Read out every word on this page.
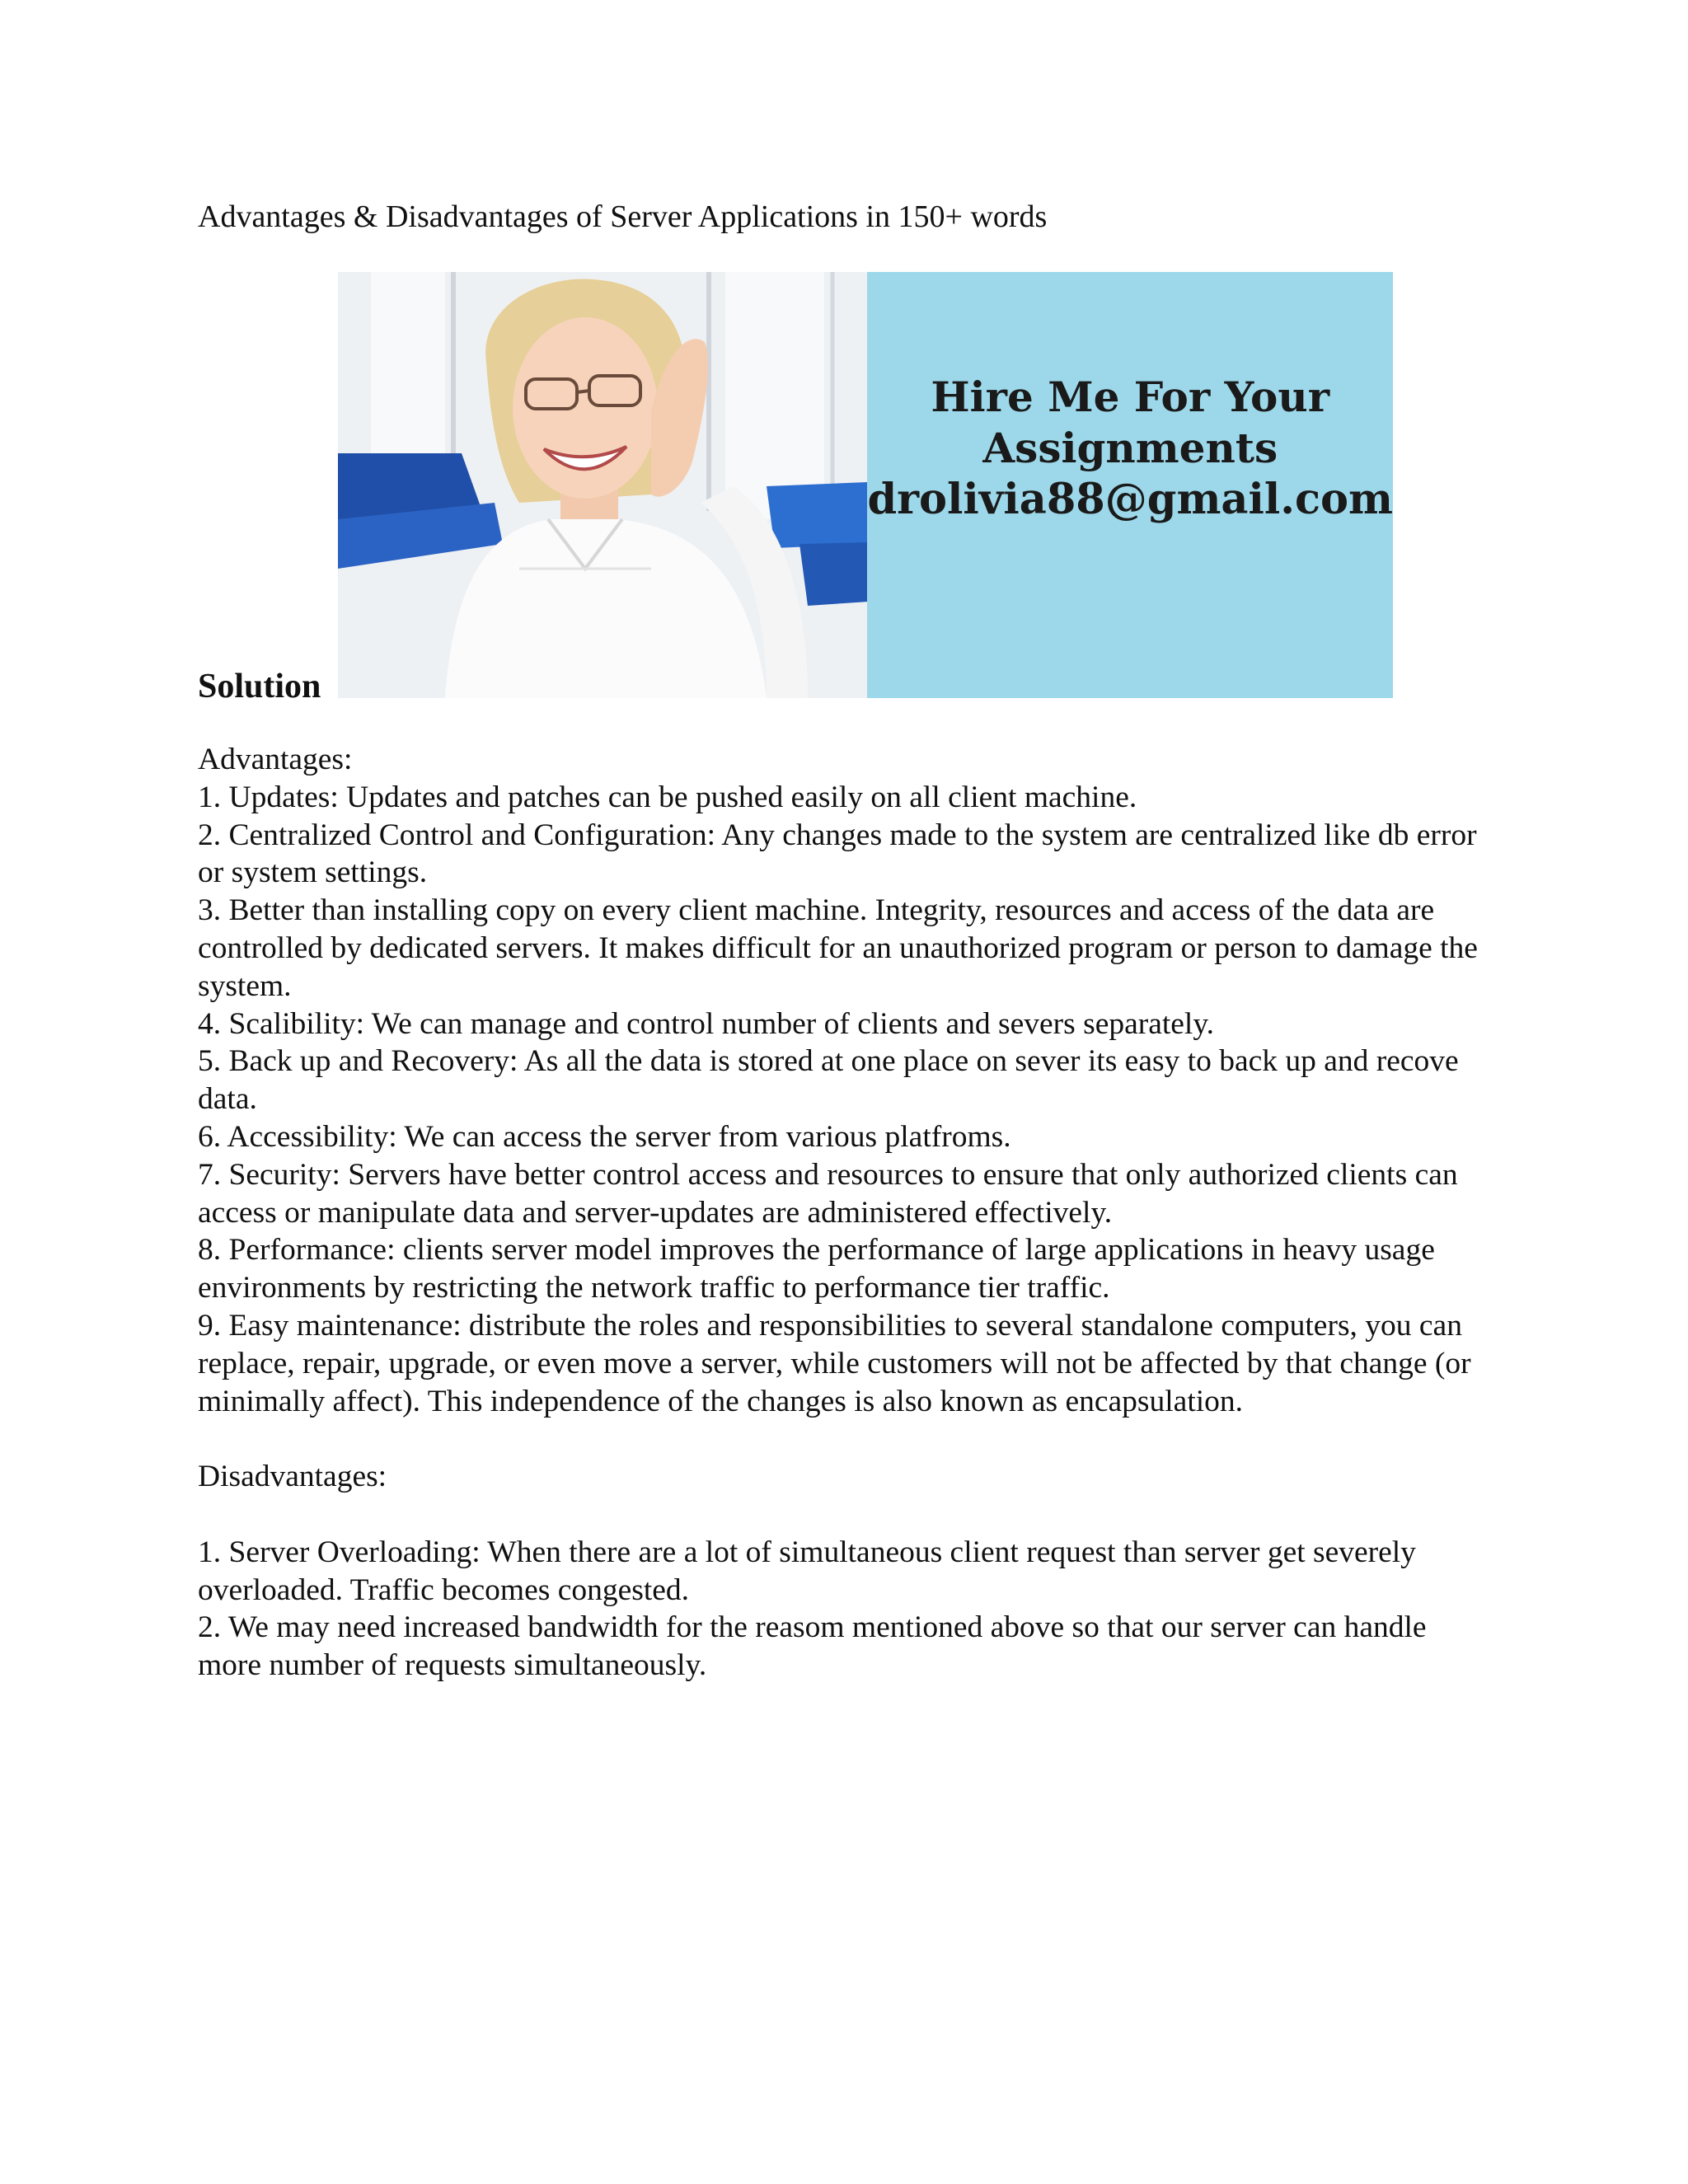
Advantages & Disadvantages of Server Applications in 150+ words
Solution
Hire Me For Your
Assignments
drolivia88@gmail.com

Advantages:

1. Updates: Updates and patches can be pushed easily on all client machine.

2. Centralized Control and Configuration: Any changes made to the system are centralized like db error or system settings.

3. Better than installing copy on every client machine. Integrity, resources and access of the data are controlled by dedicated servers. It makes difficult for an unauthorized program or person to damage the system.

4. Scalibility: We can manage and control number of clients and severs separately.

5. Back up and Recovery: As all the data is stored at one place on sever its easy to back up and recove data.

6. Accessibility: We can access the server from various platfroms.

7. Security: Servers have better control access and resources to ensure that only authorized clients can access or manipulate data and server-updates are administered effectively.

8. Performance: clients server model improves the performance of large applications in heavy usage environments by restricting the network traffic to performance tier traffic.

9. Easy maintenance: distribute the roles and responsibilities to several standalone computers, you can replace, repair, upgrade, or even move a server, while customers will not be affected by that change (or minimally affect). This independence of the changes is also known as encapsulation.

Disadvantages:

1. Server Overloading: When there are a lot of simultaneous client request than server get severely overloaded. Traffic becomes congested.

2. We may need increased bandwidth for the reasom mentioned above so that our server can handle more number of requests simultaneously.
